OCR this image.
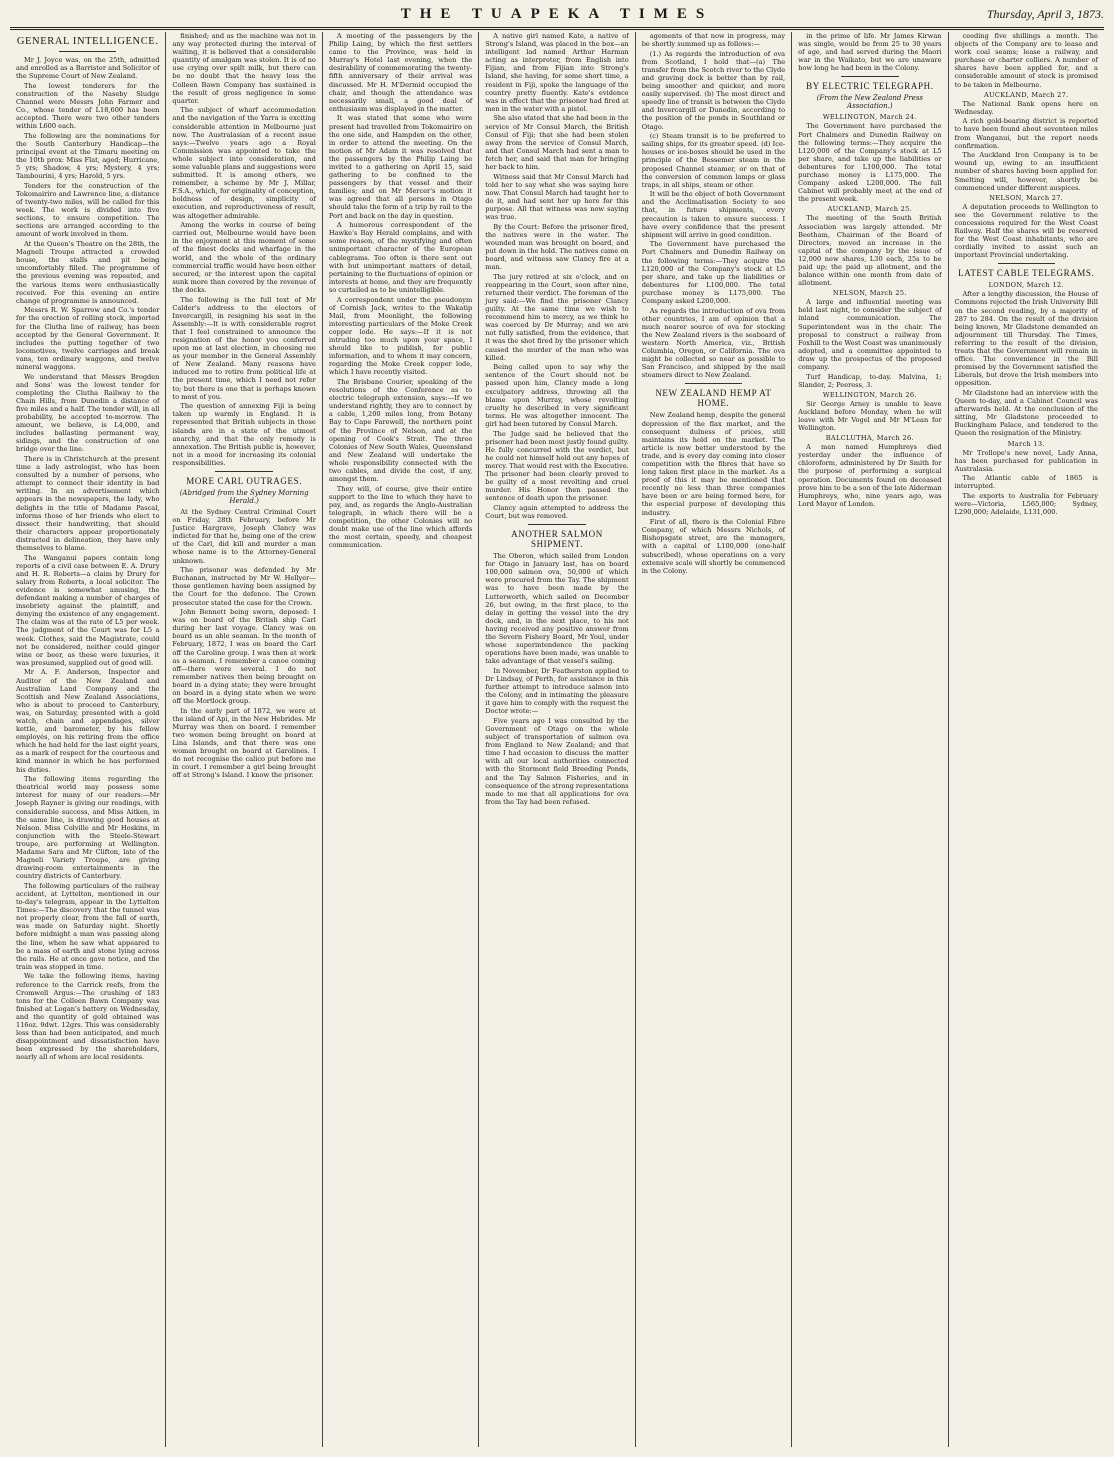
THE TUAPEKA TIMES	Thursday, April 3, 1873.
GENERAL INTELLIGENCE.

Mr J. Joyce was, on the 25th, admitted and enrolled as a Barrister and Solicitor of the Supreme Court of New Zealand.

The lowest tenderers for the construction of the Naseby Sludge Channel were Messrs John Farmer and Co., whose tender of L18,600 has been accepted. There were two other tenders within L600 each.

The following are the nominations for the South Canterbury Handicap—the principal event at the Timaru meeting on the 10th prox: Miss Flat, aged; Hurricane, 5 yrs; Shadow, 4 yrs; Mystery, 4 yrs; Tambourini, 4 yrs; Harold, 5 yrs.

Tenders for the construction of the Tokomairiro and Lawrence line, a distance of twenty-two miles, will be called for this week. The work is divided into five sections, to ensure competition. The sections are arranged according to the amount of work involved in them.

At the Queen's Theatre on the 28th, the Magneli Troupe attracted a crowded house, the stalls and pit being uncomfortably filled. The programme of the previous evening was repeated, and the various items were enthusiastically received. For this evening an entire change of programme is announced.

Messrs R. W. Sparrow and Co.'s tender for the erection of rolling stock, imported for the Clutha line of railway, has been accepted by the General Government. It includes the putting together of two locomotives, twelve carriages and break vans, ten ordinary waggons, and twelve mineral waggons.

We understand that Messrs Brogden and Sons' was the lowest tender for completing the Clutha Railway to the Chain Hills, from Dunedin a distance of five miles and a half. The tender will, in all probability, be accepted to-morrow. The amount, we believe, is L4,000, and includes ballasting permanent way, sidings, and the construction of one bridge over the line.

There is in Christchurch at the present time a lady astrologist, who has been consulted by a number of persons, who attempt to connect their identity in bad writing. In an advertisement which appears in the newspapers, the lady, who delights in the title of Madame Pascal, informs those of her friends who elect to dissect their handwriting, that should their characters appear proportionately distracted in delineation, they have only themselves to blame.

The Wanganui papers contain long reports of a civil case between E. A. Drury and H. R. Roberts—a claim by Drury for salary from Roberts, a local solicitor. The evidence is somewhat amusing, the defendant making a number of charges of insobriety against the plaintiff, and denying the existence of any engagement. The claim was at the rate of L5 per week. The judgment of the Court was for L5 a week. Clothes, said the Magistrate, could not be considered, neither could ginger wine or beer, as these were luxuries, it was presumed, supplied out of good will.

Mr A. F. Anderson, Inspector and Auditor of the New Zealand and Australian Land Company and the Scottish and New Zealand Associations, who is about to proceed to Canterbury, was, on Saturday, presented with a gold watch, chain and appendages, silver kettle, and barometer, by his fellow employés, on his retiring from the office which he had held for the last eight years, as a mark of respect for the courteous and kind manner in which he has performed his duties.

The following items regarding the theatrical world may possess some interest for many of our readers:—Mr Joseph Rayner is giving our readings, with considerable success, and Miss Aitken, in the same line, is drawing good houses at Nelson. Miss Colville and Mr Hoskins, in conjunction with the Steele-Stewart troupe, are performing at Wellington. Madame Sara and Mr Clifton, late of the Magneli Variety Troupe, are giving drawing-room entertainments in the country districts of Canterbury.

The following particulars of the railway accident, at Lyttelton, mentioned in our to-day's telegram, appear in the Lyttelton Times:—The discovery that the tunnel was not properly clear, from the fall of earth, was made on Saturday night. Shortly before midnight a man was passing along the line, when he saw what appeared to be a mass of earth and stone lying across the rails. He at once gave notice, and the train was stopped in time.

We take the following items, having reference to the Carrick reefs, from the Cromwell Argus:—The crushing of 183 tons for the Colleen Bawn Company was finished at Logan's battery on Wednesday, and the quantity of gold obtained was 116oz. 9dwt. 12grs. This was considerably less than had been anticipated, and much disappointment and dissatisfaction have been expressed by the shareholders, nearly all of whom are local residents.

finished; and as the machine was not in any way protected during the interval of waiting, it is believed that a considerable quantity of amalgam was stolen. It is of no use crying over spilt milk, but there can be no doubt that the heavy loss the Colleen Bawn Company has sustained is the result of gross negligence in some quarter.

The subject of wharf accommodation and the navigation of the Yarra is exciting considerable attention in Melbourne just now. The Australasian of a recent issue says:—Twelve years ago a Royal Commission was appointed to take the whole subject into consideration, and some valuable plans and suggestions were submitted. It is among others, we remember, a scheme by Mr J. Millar, F.S.A., which, for originality of conception, boldness of design, simplicity of execution, and reproductiveness of result, was altogether admirable.

Among the works in course of being carried out, Melbourne would have been in the enjoyment at this moment of some of the finest docks and wharfage in the world, and the whole of the ordinary commercial traffic would have been either secured, or the interest upon the capital sunk more than covered by the revenue of the docks.

The following is the full text of Mr Calder's address to the electors of Invercargill, in resigning his seat in the Assembly:—It is with considerable regret that I feel constrained to announce the resignation of the honor you conferred upon me at last election, in choosing me as your member in the General Assembly of New Zealand. Many reasons have induced me to retire from political life at the present time, which I need not refer to; but there is one that is perhaps known to most of you.

The question of annexing Fiji is being taken up warmly in England. It is represented that British subjects in those islands are in a state of the utmost anarchy, and that the only remedy is annexation. The British public is, however, not in a mood for increasing its colonial responsibilities.

MORE CARL OUTRAGES.
(Abridged from the Sydney Morning Herald.)

At the Sydney Central Criminal Court on Friday, 28th February, before Mr Justice Hargrave, Joseph Clancy was indicted for that he, being one of the crew of the Carl, did kill and murder a man whose name is to the Attorney-General unknown.

The prisoner was defended by Mr Buchanan, instructed by Mr W. Hellyer—those gentlemen having been assigned by the Court for the defence. The Crown prosecutor stated the case for the Crown.

John Bennett being sworn, deposed: I was on board of the British ship Carl during her last voyage. Clancy was on board as an able seaman. In the month of February, 1872, I was on board the Carl off the Caroline group. I was then at work as a seaman. I remember a canoe coming off—there were several. I do not remember natives then being brought on board in a dying state; they were brought on board in a dying state when we were off the Mortlock group.

In the early part of 1872, we were at the island of Api, in the New Hebrides. Mr Murray was then on board. I remember two women being brought on board at Lina Islands, and that there was one woman brought on board at Garolines. I do not recognise the calico put before me in court. I remember a girl being brought off at Strong's Island. I know the prisoner.

A meeting of the passengers by the Philip Laing, by which the first settlers came to the Province, was held in Murray's Hotel last evening, when the desirability of commemorating the twenty-fifth anniversary of their arrival was discussed. Mr H. M'Dermid occupied the chair, and though the attendance was necessarily small, a good deal of enthusiasm was displayed in the matter.

It was stated that some who were present had travelled from Tokomairiro on the one side, and Hampden on the other, in order to attend the meeting. On the motion of Mr Adam it was resolved that the passengers by the Philip Laing be invited to a gathering on April 15, said gathering to be confined to the passengers by that vessel and their families; and on Mr Mercer's motion it was agreed that all persons in Otago should take the form of a trip by rail to the Port and back on the day in question.

A humorous correspondent of the Hawke's Bay Herald complains, and with some reason, of the mystifying and often unimportant character of the European cablegrams. Too often is there sent out with but unimportant matters of detail, pertaining to the fluctuations of opinion or interests at home, and they are frequently so curtailed as to be unintelligible.

A correspondent under the pseudonym of Cornish Jack, writes to the Wakatip Mail, from Moonlight, the following interesting particulars of the Moke Creek copper lode. He says:—If it is not intruding too much upon your space, I should like to publish, for public information, and to whom it may concern, regarding the Moke Creek copper lode, which I have recently visited.

The Brisbane Courier, speaking of the resolutions of the Conference as to electric telegraph extension, says:—If we understand rightly, they are to connect by a cable, 1,200 miles long, from Botany Bay to Cape Farewell, the northern point of the Province of Nelson, and at the opening of Cook's Strait. The three Colonies of New South Wales, Queensland and New Zealand will undertake the whole responsibility connected with the two cables, and divide the cost, if any, amongst them.

They will, of course, give their entire support to the line to which they have to pay, and, as regards the Anglo-Australian telegraph, in which there will be a competition, the other Colonies will no doubt make use of the line which affords the most certain, speedy, and cheapest communication.

A native girl named Kate, a native of Strong's Island, was placed in the box—an intelligent lad named Arthur Harman acting as interpreter, from English into Fijian, and from Fijian into Strong's Island, she having, for some short time, a resident in Fiji, spoke the language of the country pretty fluently. Kate's evidence was in effect that the prisoner had fired at men in the water with a pistol.

She also stated that she had been in the service of Mr Consul March, the British Consul of Fiji; that she had been stolen away from the service of Consul March, and that Consul March had sent a man to fetch her, and said that man for bringing her back to him.

Witness said that Mr Consul March had told her to say what she was saying here now. That Consul March had taught her to do it, and had sent her up here for this purpose. All that witness was now saying was true.

By the Court: Before the prisoner fired, the natives were in the water. The wounded man was brought on board, and put down in the hold. The natives came on board, and witness saw Clancy fire at a man.

The jury retired at six o'clock, and on reappearing in the Court, soon after nine, returned their verdict. The foreman of the jury said:—We find the prisoner Clancy guilty. At the same time we wish to recommend him to mercy, as we think he was coerced by Dr Murray; and we are not fully satisfied, from the evidence, that it was the shot fired by the prisoner which caused the murder of the man who was killed.

Being called upon to say why the sentence of the Court should not be passed upon him, Clancy made a long exculpatory address, throwing all the blame upon Murray, whose revolting cruelty he described in very significant terms. He was altogether innocent. The girl had been tutored by Consul March.

The Judge said he believed that the prisoner had been most justly found guilty. He fully concurred with the verdict, but he could not himself hold out any hopes of mercy. That would rest with the Executive. The prisoner had been clearly proved to be guilty of a most revolting and cruel murder. His Honor then passed the sentence of death upon the prisoner.

Clancy again attempted to address the Court, but was removed.

ANOTHER SALMON SHIPMENT.

The Oberon, which sailed from London for Otago in January last, has on board 100,000 salmon ova, 50,000 of which were procured from the Tay. The shipment was to have been made by the Lutterworth, which sailed on December 26, but owing, in the first place, to the delay in getting the vessel into the dry dock, and, in the next place, to his not having received any positive answer from the Severn Fishery Board, Mr Youl, under whose superintendence the packing operations have been made, was unable to take advantage of that vessel's sailing.

In November, Dr Featherston applied to Dr Lindsay, of Perth, for assistance in this further attempt to introduce salmon into the Colony, and in intimating the pleasure it gave him to comply with the request the Doctor wrote:—

Five years ago I was consulted by the Government of Otago on the whole subject of transportation of salmon ova from England to New Zealand; and that time I had occasion to discuss the matter with all our local authorities connected with the Stormont field Breeding Ponds, and the Tay Salmon Fisheries, and in consequence of the strong representations made to me that all applications for ova from the Tay had been refused.

agements of that now in progress, may be shortly summed up as follows:—

(1.) As regards the introduction of ova from Scotland, I hold that—(a) The transfer from the Scotch river to the Clyde and graving dock is better than by rail, being smoother and quicker, and more easily supervised. (b) The most direct and speedy line of transit is between the Clyde and Invercargill or Dunedin, according to the position of the ponds in Southland or Otago.

(c) Steam transit is to be preferred to sailing ships, for its greater speed. (d) Ice-houses or ice-boxes should be used in the principle of the Bessemer steam in the proposed Channel steamer, or on that of the conversion of common lamps or glass traps, in all ships, steam or other.

It will be the object of both Government and the Acclimatisation Society to see that, in future shipments, every precaution is taken to ensure success. I have every confidence that the present shipment will arrive in good condition.

The Government have purchased the Port Chalmers and Dunedin Railway on the following terms:—They acquire the L120,000 of the Company's stock at L5 per share, and take up the liabilities or debentures for L100,000. The total purchase money is L175,000. The Company asked L200,000.

As regards the introduction of ova from other countries, I am of opinion that a much nearer source of ova for stocking the New Zealand rivers is the seaboard of western North America, viz., British Columbia, Oregon, or California. The ova might be collected so near as possible to San Francisco, and shipped by the mail steamers direct to New Zealand.

NEW ZEALAND HEMP AT HOME.

New Zealand hemp, despite the general depression of the flax market, and the consequent dulness of prices, still maintains its hold on the market. The article is now better understood by the trade, and is every day coming into closer competition with the fibres that have so long taken first place in the market. As a proof of this it may be mentioned that recently no less than three companies have been or are being formed here, for the especial purpose of developing this industry.

First of all, there is the Colonial Fibre Company, of which Messrs Nichols, of Bishopsgate street, are the managers, with a capital of L100,000 (one-half subscribed), whose operations on a very extensive scale will shortly be commenced in the Colony.

in the prime of life. Mr James Kirwan was single, would be from 25 to 30 years of age, and had served during the Maori war in the Waikato, but we are unaware how long he had been in the Colony.

BY ELECTRIC TELEGRAPH.
(From the New Zealand Press Association.)
WELLINGTON, March 24.

The Government have purchased the Port Chalmers and Dunedin Railway on the following terms:—They acquire the L120,000 of the Company's stock at L5 per share, and take up the liabilities or debentures for L100,000. The total purchase money is L175,000. The Company asked L200,000. The full Cabinet will probably meet at the end of the present week.

AUCKLAND, March 25.

The meeting of the South British Association was largely attended. Mr Beetham, Chairman of the Board of Directors, moved an increase in the capital of the company by the issue of 12,000 new shares, L30 each, 25s to be paid up; the paid up allotment, and the balance within one month from date of allotment.

NELSON, March 25.

A large and influential meeting was held last night, to consider the subject of inland communication. The Superintendent was in the chair. The proposal to construct a railway from Foxhill to the West Coast was unanimously adopted, and a committee appointed to draw up the prospectus of the proposed company.

Turf Handicap, to-day. Malvina, 1; Slander, 2; Peeress, 3.

WELLINGTON, March 26.

Sir George Arney is unable to leave Auckland before Monday, when he will leave with Mr Vogel and Mr M'Lean for Wellington.

BALCLUTHA, March 26.

A man named Humphreys died yesterday under the influence of chloroform, administered by Dr Smith for the purpose of performing a surgical operation. Documents found on deceased prove him to be a son of the late Alderman Humphreys, who, nine years ago, was Lord Mayor of London.

ceeding five shillings a month. The objects of the Company are to lease and work coal seams; lease a railway, and purchase or charter colliers. A number of shares have been applied for, and a considerable amount of stock is promised to be taken in Melbourne.

AUCKLAND, March 27.

The National Bank opens here on Wednesday.

A rich gold-bearing district is reported to have been found about seventeen miles from Wanganui, but the report needs confirmation.

The Auckland Iron Company is to be wound up, owing to an insufficient number of shares having been applied for. Smelting will, however, shortly be commenced under different auspices.

NELSON, March 27.

A deputation proceeds to Wellington to see the Government relative to the concessions required for the West Coast Railway. Half the shares will be reserved for the West Coast inhabitants, who are cordially invited to assist such an important Provincial undertaking.

LATEST CABLE TELEGRAMS.
LONDON, March 12.

After a lengthy discussion, the House of Commons rejected the Irish University Bill on the second reading, by a majority of 287 to 284. On the result of the division being known, Mr Gladstone demanded an adjournment till Thursday. The Times, referring to the result of the division, treats that the Government will remain in office. The convenience in the Bill promised by the Government satisfied the Liberals, but drove the Irish members into opposition.

Mr Gladstone had an interview with the Queen to-day, and a Cabinet Council was afterwards held. At the conclusion of the sitting, Mr Gladstone proceeded to Buckingham Palace, and tendered to the Queen the resignation of the Ministry.

March 13.

Mr Trollope's new novel, Lady Anna, has been purchased for publication in Australasia.

The Atlantic cable of 1865 is interrupted.

The exports to Australia for February were—Victoria, L565,000; Sydney, L290,000; Adelaide, L131,000.
